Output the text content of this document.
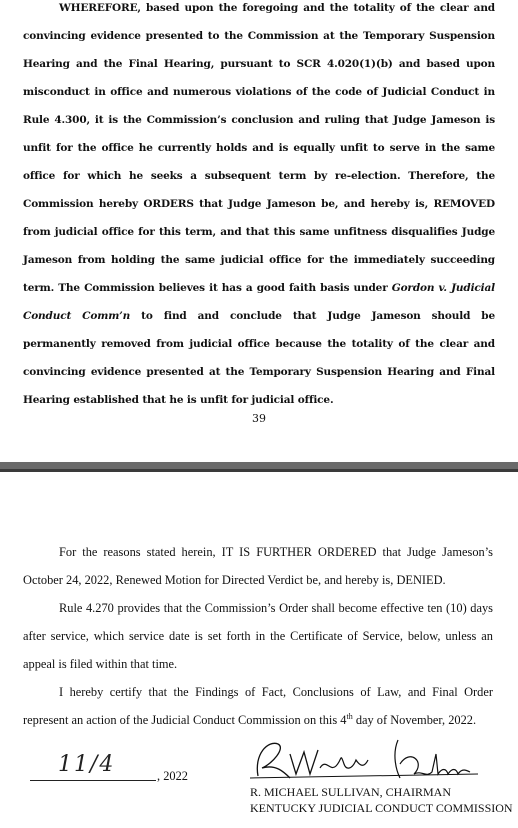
WHEREFORE, based upon the foregoing and the totality of the clear and convincing evidence presented to the Commission at the Temporary Suspension Hearing and the Final Hearing, pursuant to SCR 4.020(1)(b) and based upon misconduct in office and numerous violations of the code of Judicial Conduct in Rule 4.300, it is the Commission’s conclusion and ruling that Judge Jameson is unfit for the office he currently holds and is equally unfit to serve in the same office for which he seeks a subsequent term by re-election. Therefore, the Commission hereby ORDERS that Judge Jameson be, and hereby is, REMOVED from judicial office for this term, and that this same unfitness disqualifies Judge Jameson from holding the same judicial office for the immediately succeeding term. The Commission believes it has a good faith basis under Gordon v. Judicial Conduct Comm’n to find and conclude that Judge Jameson should be permanently removed from judicial office because the totality of the clear and convincing evidence presented at the Temporary Suspension Hearing and Final Hearing established that he is unfit for judicial office.

39

For the reasons stated herein, IT IS FURTHER ORDERED that Judge Jameson’s October 24, 2022, Renewed Motion for Directed Verdict be, and hereby is, DENIED.

Rule 4.270 provides that the Commission’s Order shall become effective ten (10) days after service, which service date is set forth in the Certificate of Service, below, unless an appeal is filed within that time.

I hereby certify that the Findings of Fact, Conclusions of Law, and Final Order represent an action of the Judicial Conduct Commission on this 4th day of November, 2022.

11/4	, 2022
R. MICHAEL SULLIVAN, CHAIRMAN
KENTUCKY JUDICIAL CONDUCT COMMISSION
